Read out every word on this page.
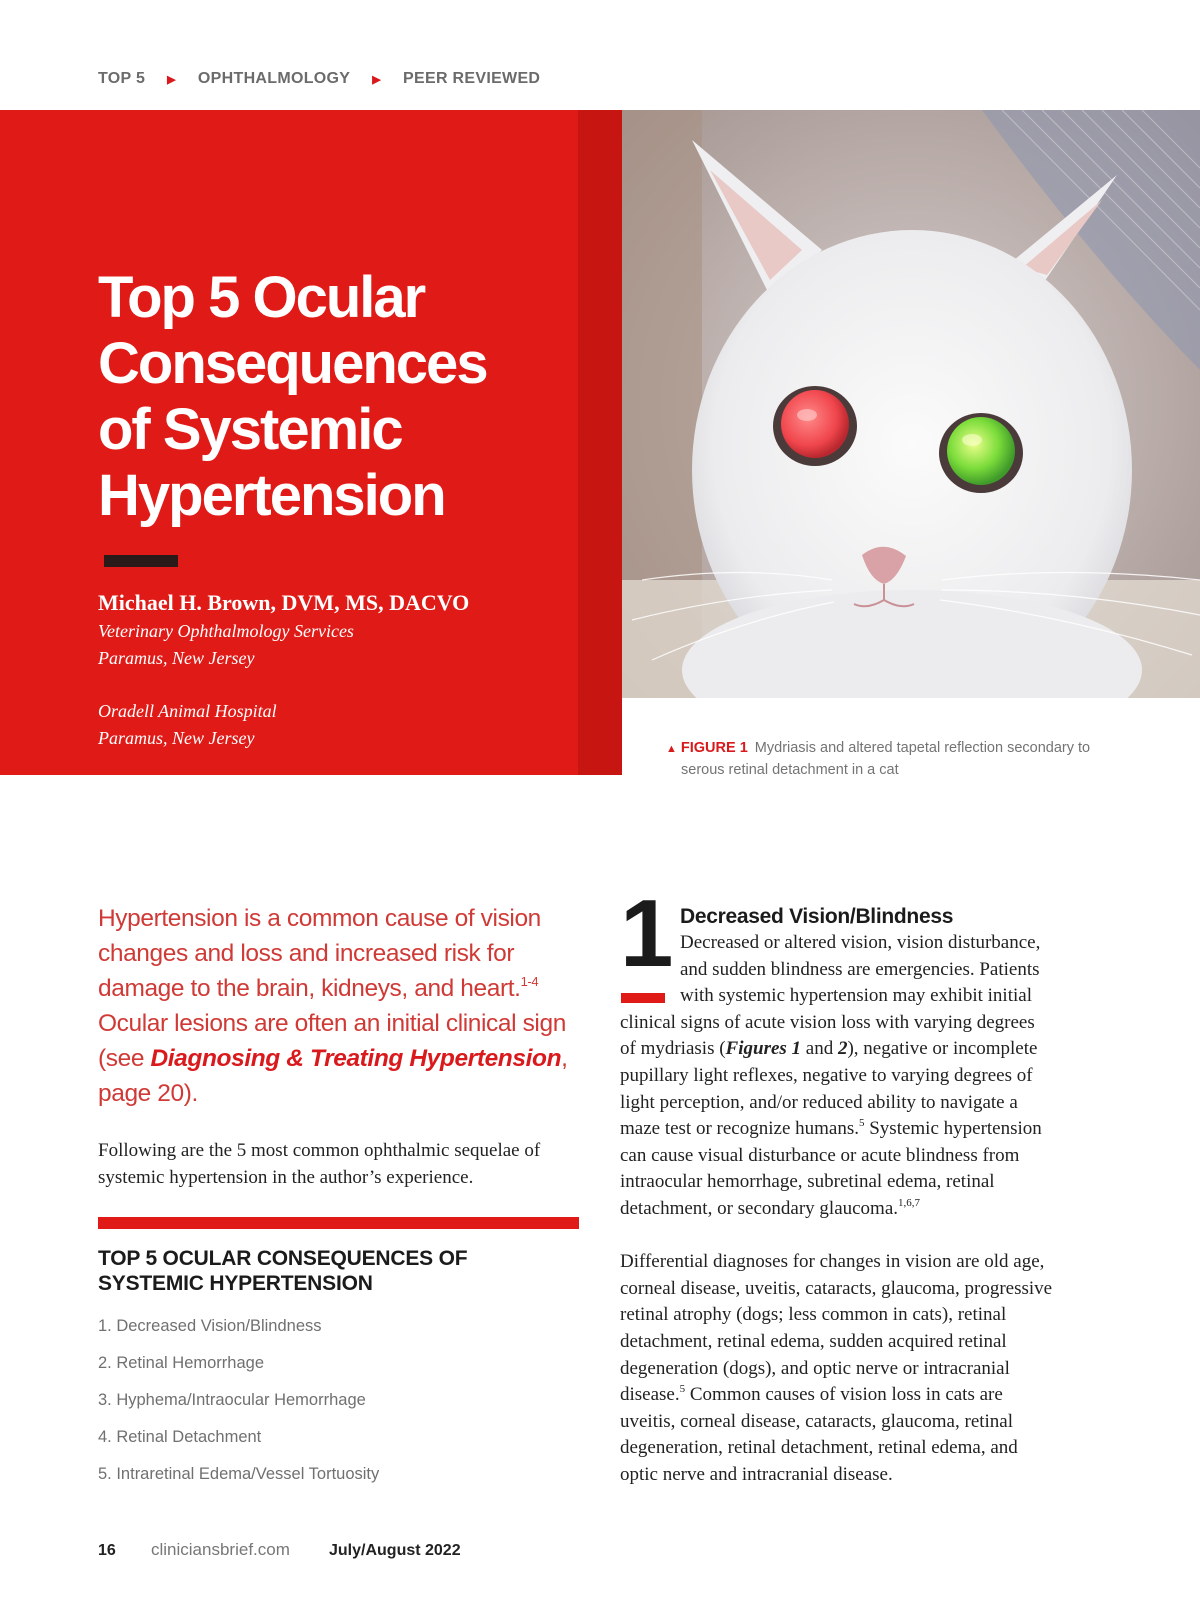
TOP 5 ▶ OPHTHALMOLOGY ▶ PEER REVIEWED
Top 5 Ocular
Consequences
of Systemic
Hypertension
Michael H. Brown, DVM, MS, DACVO
Veterinary Ophthalmology Services
Paramus, New Jersey
Oradell Animal Hospital
Paramus, New Jersey
▲ FIGURE 1 Mydriasis and altered tapetal reflection secondary to
serous retinal detachment in a cat

Hypertension is a common cause of vision changes and loss and increased risk for damage to the brain, kidneys, and heart.$^{1-4}$ Ocular lesions are often an initial clinical sign (see Diagnosing & Treating Hypertension, page 20).

Following are the 5 most common ophthalmic sequelae of systemic hypertension in the author’s experience.

TOP 5 OCULAR CONSEQUENCES OF SYSTEMIC HYPERTENSION
1. Decreased Vision/Blindness
2. Retinal Hemorrhage
3. Hyphema/Intraocular Hemorrhage
4. Retinal Detachment
5. Intraretinal Edema/Vessel Tortuosity
1 Decreased Vision/Blindness
Decreased or altered vision, vision disturbance,
and sudden blindness are emergencies. Patients
with systemic hypertension may exhibit initial
clinical signs of acute vision loss with varying degrees
of mydriasis (Figures 1 and 2), negative or incomplete
pupillary light reflexes, negative to varying degrees of
light perception, and/or reduced ability to navigate a
maze test or recognize humans.$^5$ Systemic hypertension
can cause visual disturbance or acute blindness from
intraocular hemorrhage, subretinal edema, retinal
detachment, or secondary glaucoma.$^{1,6,7}$
Differential diagnoses for changes in vision are old age,
corneal disease, uveitis, cataracts, glaucoma, progressive
retinal atrophy (dogs; less common in cats), retinal
detachment, retinal edema, sudden acquired retinal
degeneration (dogs), and optic nerve or intracranial
disease.$^5$ Common causes of vision loss in cats are
uveitis, corneal disease, cataracts, glaucoma, retinal
degeneration, retinal detachment, retinal edema, and
optic nerve and intracranial disease.
16	cliniciansbrief.com	July/August 2022
